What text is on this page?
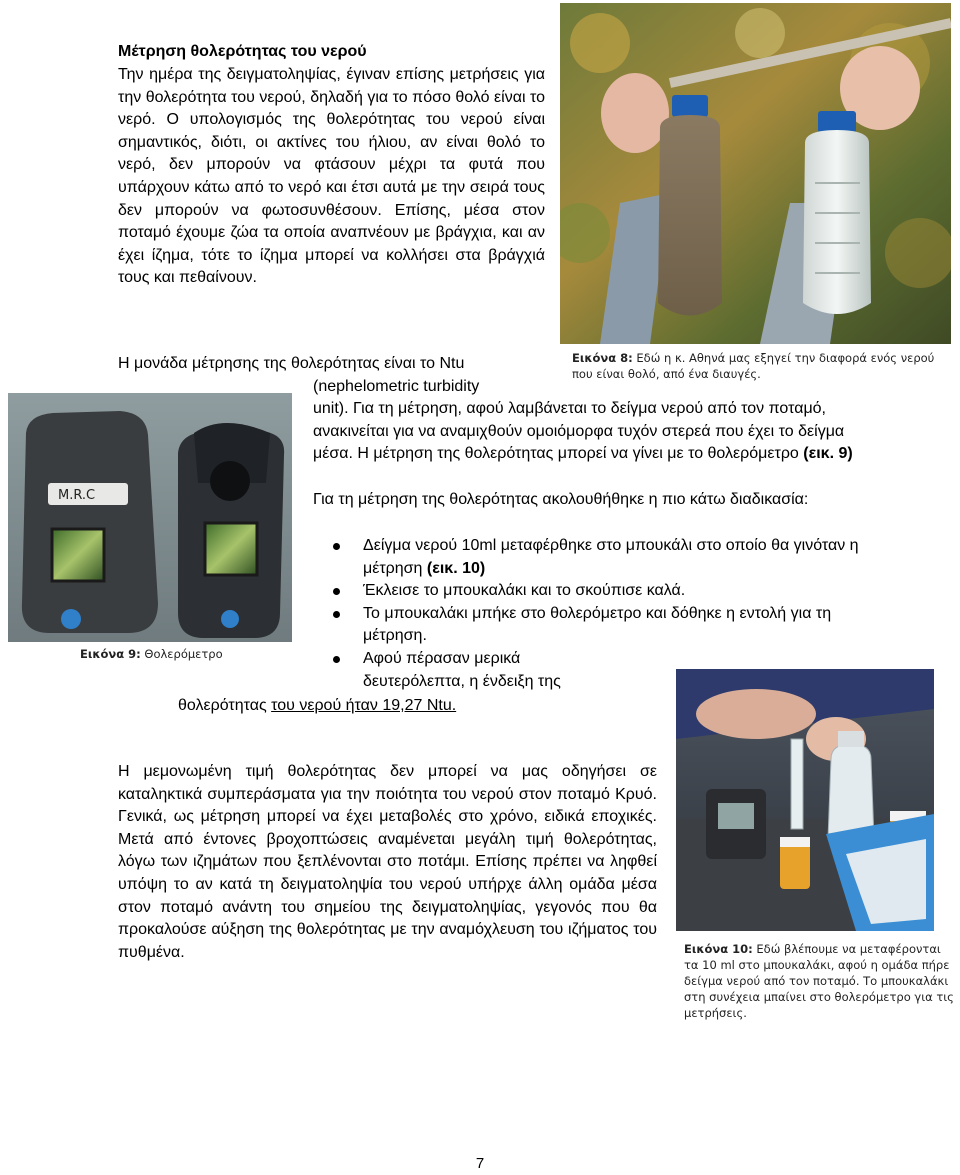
Μέτρηση θολερότητας του νερού
Την ημέρα της δειγματοληψίας, έγιναν επίσης μετρήσεις για την θολερότητα του νερού, δηλαδή για το πόσο θολό είναι το νερό. Ο υπολογισμός της θολερότητας του νερού είναι σημαντικός, διότι, οι ακτίνες του ήλιου, αν είναι θολό το νερό, δεν μπορούν να φτάσουν μέχρι τα φυτά που υπάρχουν κάτω από το νερό και έτσι αυτά με την σειρά τους δεν μπορούν να φωτοσυνθέσουν. Επίσης, μέσα στον ποταμό έχουμε ζώα τα οποία αναπνέουν με βράγχια, και αν έχει ίζημα, τότε το ίζημα μπορεί να κολλήσει στα βράγχιά τους και πεθαίνουν.
Εικόνα 8: Εδώ η κ. Αθηνά μας εξηγεί την διαφορά ενός νερού που είναι θολό, από ένα διαυγές.
Η μονάδα μέτρησης της θολερότητας είναι το Ntu
(nephelometric turbidity
unit). Για τη μέτρηση, αφού λαμβάνεται το δείγμα νερού από τον ποταμό, ανακινείται για να αναμιχθούν ομοιόμορφα τυχόν στερεά που έχει το δείγμα μέσα. Η μέτρηση της θολερότητας μπορεί να γίνει με το θολερόμετρο (εικ. 9)
Για τη μέτρηση της θολερότητας ακολουθήθηκε η πιο κάτω διαδικασία:
M.R.C
Εικόνα 9: Θολερόμετρο
Δείγμα νερού 10ml μεταφέρθηκε στο μπουκάλι στο οποίο θα γινόταν η μέτρηση (εικ. 10)
Έκλεισε το μπουκαλάκι και το σκούπισε καλά.
Το μπουκαλάκι μπήκε στο θολερόμετρο και δόθηκε η εντολή για τη μέτρηση.
Αφού πέρασαν μερικά δευτερόλεπτα, η ένδειξη της
θολερότητας του νερού ήταν 19,27 Ntu.
Εικόνα 10: Εδώ βλέπουμε να μεταφέρονται τα 10 ml στο μπουκαλάκι, αφού η ομάδα πήρε δείγμα νερού από τον ποταμό. Το μπουκαλάκι στη συνέχεια μπαίνει στο θολερόμετρο για τις μετρήσεις.
Η μεμονωμένη τιμή θολερότητας δεν μπορεί να μας οδηγήσει σε καταληκτικά συμπεράσματα για την ποιότητα του νερού στον ποταμό Κρυό. Γενικά, ως μέτρηση μπορεί να έχει μεταβολές στο χρόνο, ειδικά εποχικές. Μετά από έντονες βροχοπτώσεις αναμένεται μεγάλη τιμή θολερότητας, λόγω των ιζημάτων που ξεπλένονται στο ποτάμι. Επίσης πρέπει να ληφθεί υπόψη το αν κατά τη δειγματοληψία του νερού υπήρχε άλλη ομάδα μέσα στον ποταμό ανάντη του σημείου της δειγματοληψίας, γεγονός που θα προκαλούσε αύξηση της θολερότητας με την αναμόχλευση του ιζήματος του πυθμένα.
7
